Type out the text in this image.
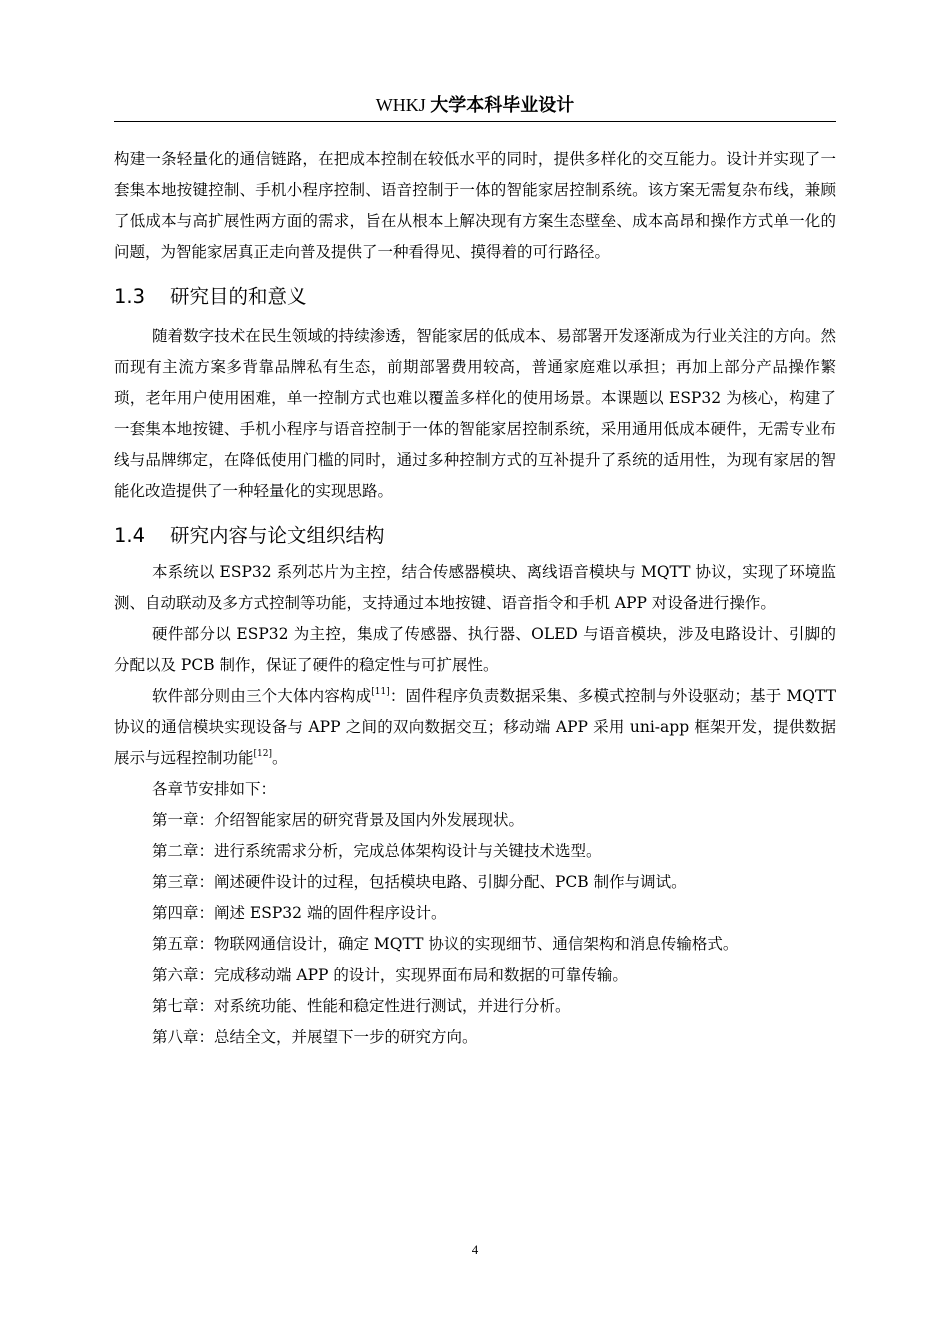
WHKJ 大学本科毕业设计

构建一条轻量化的通信链路，在把成本控制在较低水平的同时，提供多样化的交互能力。设计并实现了一套集本地按键控制、手机小程序控制、语音控制于一体的智能家居控制系统。该方案无需复杂布线，兼顾了低成本与高扩展性两方面的需求，旨在从根本上解决现有方案生态壁垒、成本高昂和操作方式单一化的问题，为智能家居真正走向普及提供了一种看得见、摸得着的可行路径。

1.3 研究目的和意义

随着数字技术在民生领域的持续渗透，智能家居的低成本、易部署开发逐渐成为行业关注的方向。然而现有主流方案多背靠品牌私有生态，前期部署费用较高，普通家庭难以承担；再加上部分产品操作繁琐，老年用户使用困难，单一控制方式也难以覆盖多样化的使用场景。本课题以 ESP32 为核心，构建了一套集本地按键、手机小程序与语音控制于一体的智能家居控制系统，采用通用低成本硬件，无需专业布线与品牌绑定，在降低使用门槛的同时，通过多种控制方式的互补提升了系统的适用性，为现有家居的智能化改造提供了一种轻量化的实现思路。

1.4 研究内容与论文组织结构

本系统以 ESP32 系列芯片为主控，结合传感器模块、离线语音模块与 MQTT 协议，实现了环境监测、自动联动及多方式控制等功能，支持通过本地按键、语音指令和手机 APP 对设备进行操作。

硬件部分以 ESP32 为主控，集成了传感器、执行器、OLED 与语音模块，涉及电路设计、引脚的分配以及 PCB 制作，保证了硬件的稳定性与可扩展性。

软件部分则由三个大体内容构成[11]：固件程序负责数据采集、多模式控制与外设驱动；基于 MQTT 协议的通信模块实现设备与 APP 之间的双向数据交互；移动端 APP 采用 uni-app 框架开发，提供数据展示与远程控制功能[12]。

各章节安排如下：

第一章：介绍智能家居的研究背景及国内外发展现状。

第二章：进行系统需求分析，完成总体架构设计与关键技术选型。

第三章：阐述硬件设计的过程，包括模块电路、引脚分配、PCB 制作与调试。

第四章：阐述 ESP32 端的固件程序设计。

第五章：物联网通信设计，确定 MQTT 协议的实现细节、通信架构和消息传输格式。

第六章：完成移动端 APP 的设计，实现界面布局和数据的可靠传输。

第七章：对系统功能、性能和稳定性进行测试，并进行分析。

第八章：总结全文，并展望下一步的研究方向。

4
